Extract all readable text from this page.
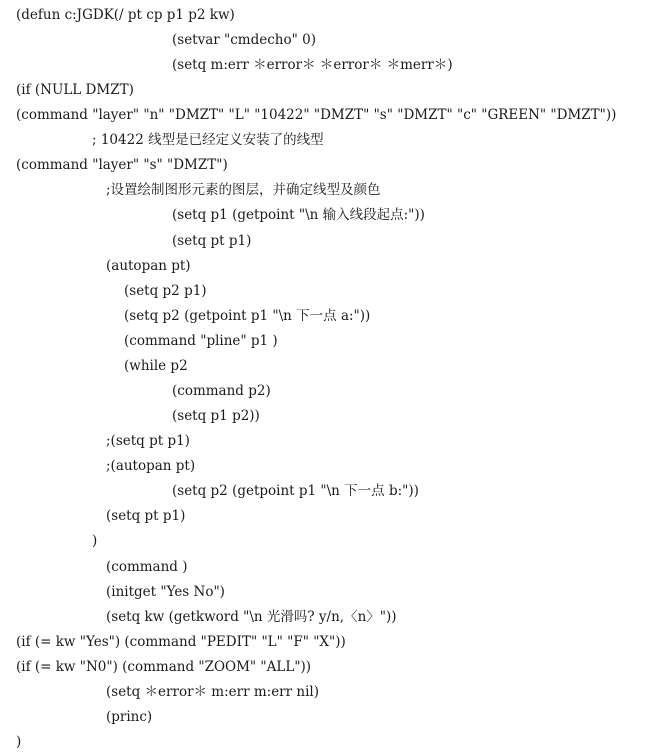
(defun c:JGDK(/ pt cp p1 p2 kw)
(setvar "cmdecho" 0)
(setq m:err ＊error＊ ＊error＊ ＊merr＊)
(if (NULL DMZT)
(command "layer" "n" "DMZT" "L" "10422" "DMZT" "s" "DMZT" "c" "GREEN" "DMZT"))
; 10422 线型是已经定义安装了的线型
(command "layer" "s" "DMZT")
;设置绘制图形元素的图层，并确定线型及颜色
(setq p1 (getpoint "\n 输入线段起点:"))
(setq pt p1)
(autopan pt)
(setq p2 p1)
(setq p2 (getpoint p1 "\n 下一点 a:"))
(command "pline" p1 )
(while p2
(command p2)
(setq p1 p2))
;(setq pt p1)
;(autopan pt)
(setq p2 (getpoint p1 "\n 下一点 b:"))
(setq pt p1)
)
(command )
(initget "Yes No")
(setq kw (getkword "\n 光滑吗? y/n,〈n〉"))
(if (= kw "Yes") (command "PEDIT" "L" "F" "X"))
(if (= kw "N0") (command "ZOOM" "ALL"))
(setq ＊error＊ m:err m:err nil)
(princ)
)
